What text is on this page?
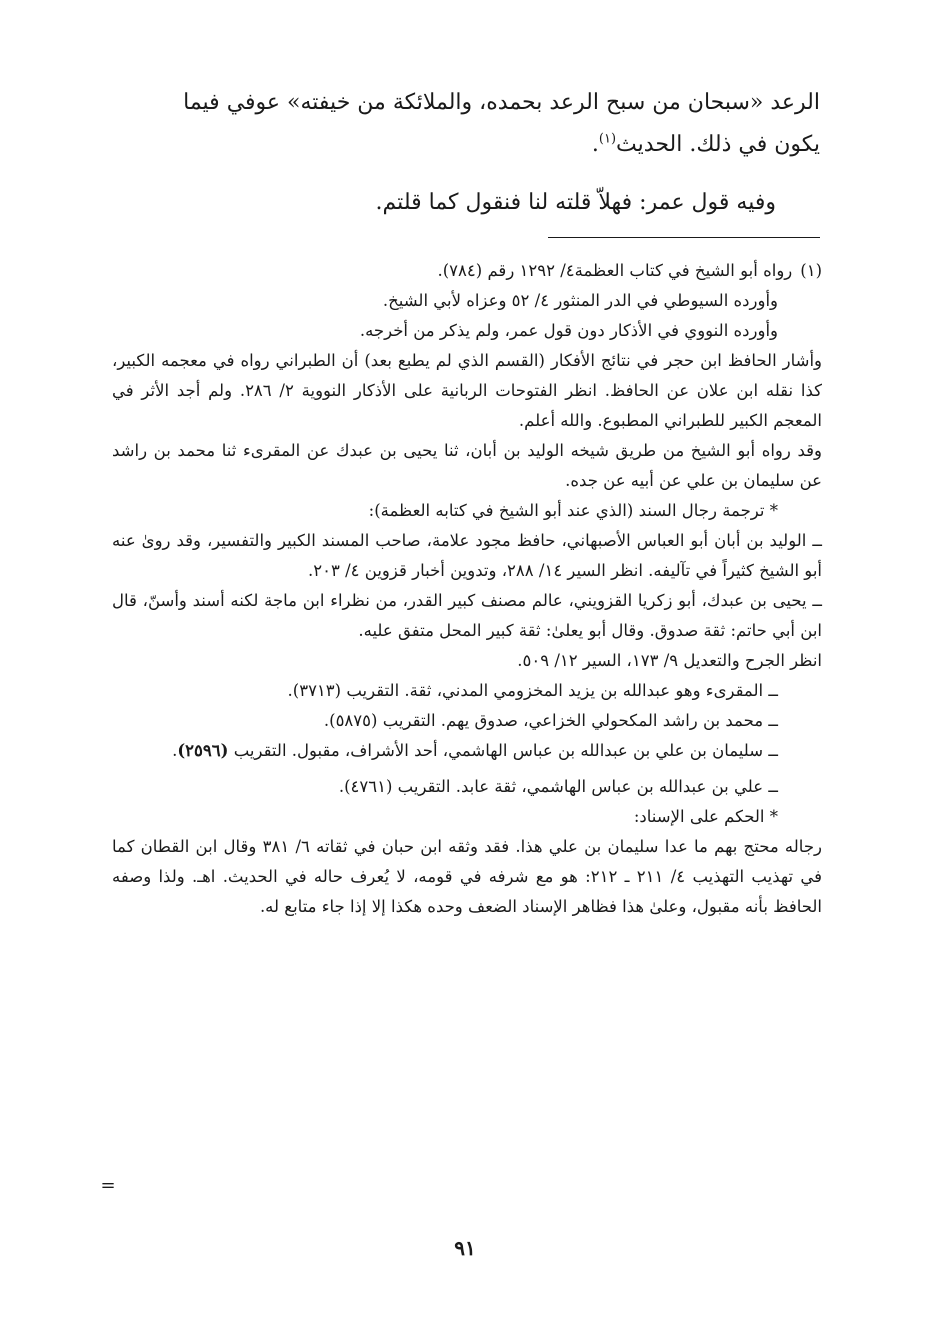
الرعد «سبحان من سبح الرعد بحمده، والملائكة من خيفته» عوفي فيما

يكون في ذلك. الحديث$^{(١)}$.

وفيه قول عمر: فهلاّ قلته لنا فنقول كما قلتم.

(١)رواه أبو الشيخ في كتاب العظمة٤/ ١٢٩٢ رقم (٧٨٤).

وأورده السيوطي في الدر المنثور ٤/ ٥٢ وعزاه لأبي الشيخ.

وأورده النووي في الأذكار دون قول عمر، ولم يذكر من أخرجه.

وأشار الحافظ ابن حجر في نتائج الأفكار (القسم الذي لم يطبع بعد) أن الطبراني رواه في معجمه الكبير، كذا نقله ابن علان عن الحافظ. انظر الفتوحات الربانية على الأذكار النووية ٢/ ٢٨٦. ولم أجد الأثر في المعجم الكبير للطبراني المطبوع. والله أعلم.

وقد رواه أبو الشيخ من طريق شيخه الوليد بن أبان، ثنا يحيى بن عبدك عن المقرىء ثنا محمد بن راشد عن سليمان بن علي عن أبيه عن جده.

* ترجمة رجال السند (الذي عند أبو الشيخ في كتابه العظمة):

ــ الوليد بن أبان أبو العباس الأصبهاني، حافظ مجود علامة، صاحب المسند الكبير والتفسير، وقد روىٰ عنه أبو الشيخ كثيراً في تآليفه. انظر السير ١٤/ ٢٨٨، وتدوين أخبار قزوين ٤/ ٢٠٣.

ــ يحيى بن عبدك، أبو زكريا القزويني، عالم مصنف كبير القدر، من نظراء ابن ماجة لكنه أسند وأسنّ، قال ابن أبي حاتم: ثقة صدوق. وقال أبو يعلىٰ: ثقة كبير المحل متفق عليه.

انظر الجرح والتعديل ٩/ ١٧٣، السير ١٢/ ٥٠٩.

ــ المقرىء وهو عبدالله بن يزيد المخزومي المدني، ثقة. التقريب (٣٧١٣).

ــ محمد بن راشد المكحولي الخزاعي، صدوق يهم. التقريب (٥٨٧٥).

ــ سليمان بن علي بن عبدالله بن عباس الهاشمي، أحد الأشراف، مقبول. التقريب (٢٥٩٦).

ــ علي بن عبدالله بن عباس الهاشمي، ثقة عابد. التقريب (٤٧٦١).

* الحكم على الإسناد:

رجاله محتج بهم ما عدا سليمان بن علي هذا. فقد وثقه ابن حبان في ثقاته ٦/ ٣٨١ وقال ابن القطان كما في تهذيب التهذيب ٤/ ٢١١ ـ ٢١٢: هو مع شرفه في قومه، لا يُعرف حاله في الحديث. اهـ. ولذا وصفه الحافظ بأنه مقبول، وعلىٰ هذا فظاهر الإسناد الضعف وحده هكذا إلا إذا جاء متابع له.

=
٩١
